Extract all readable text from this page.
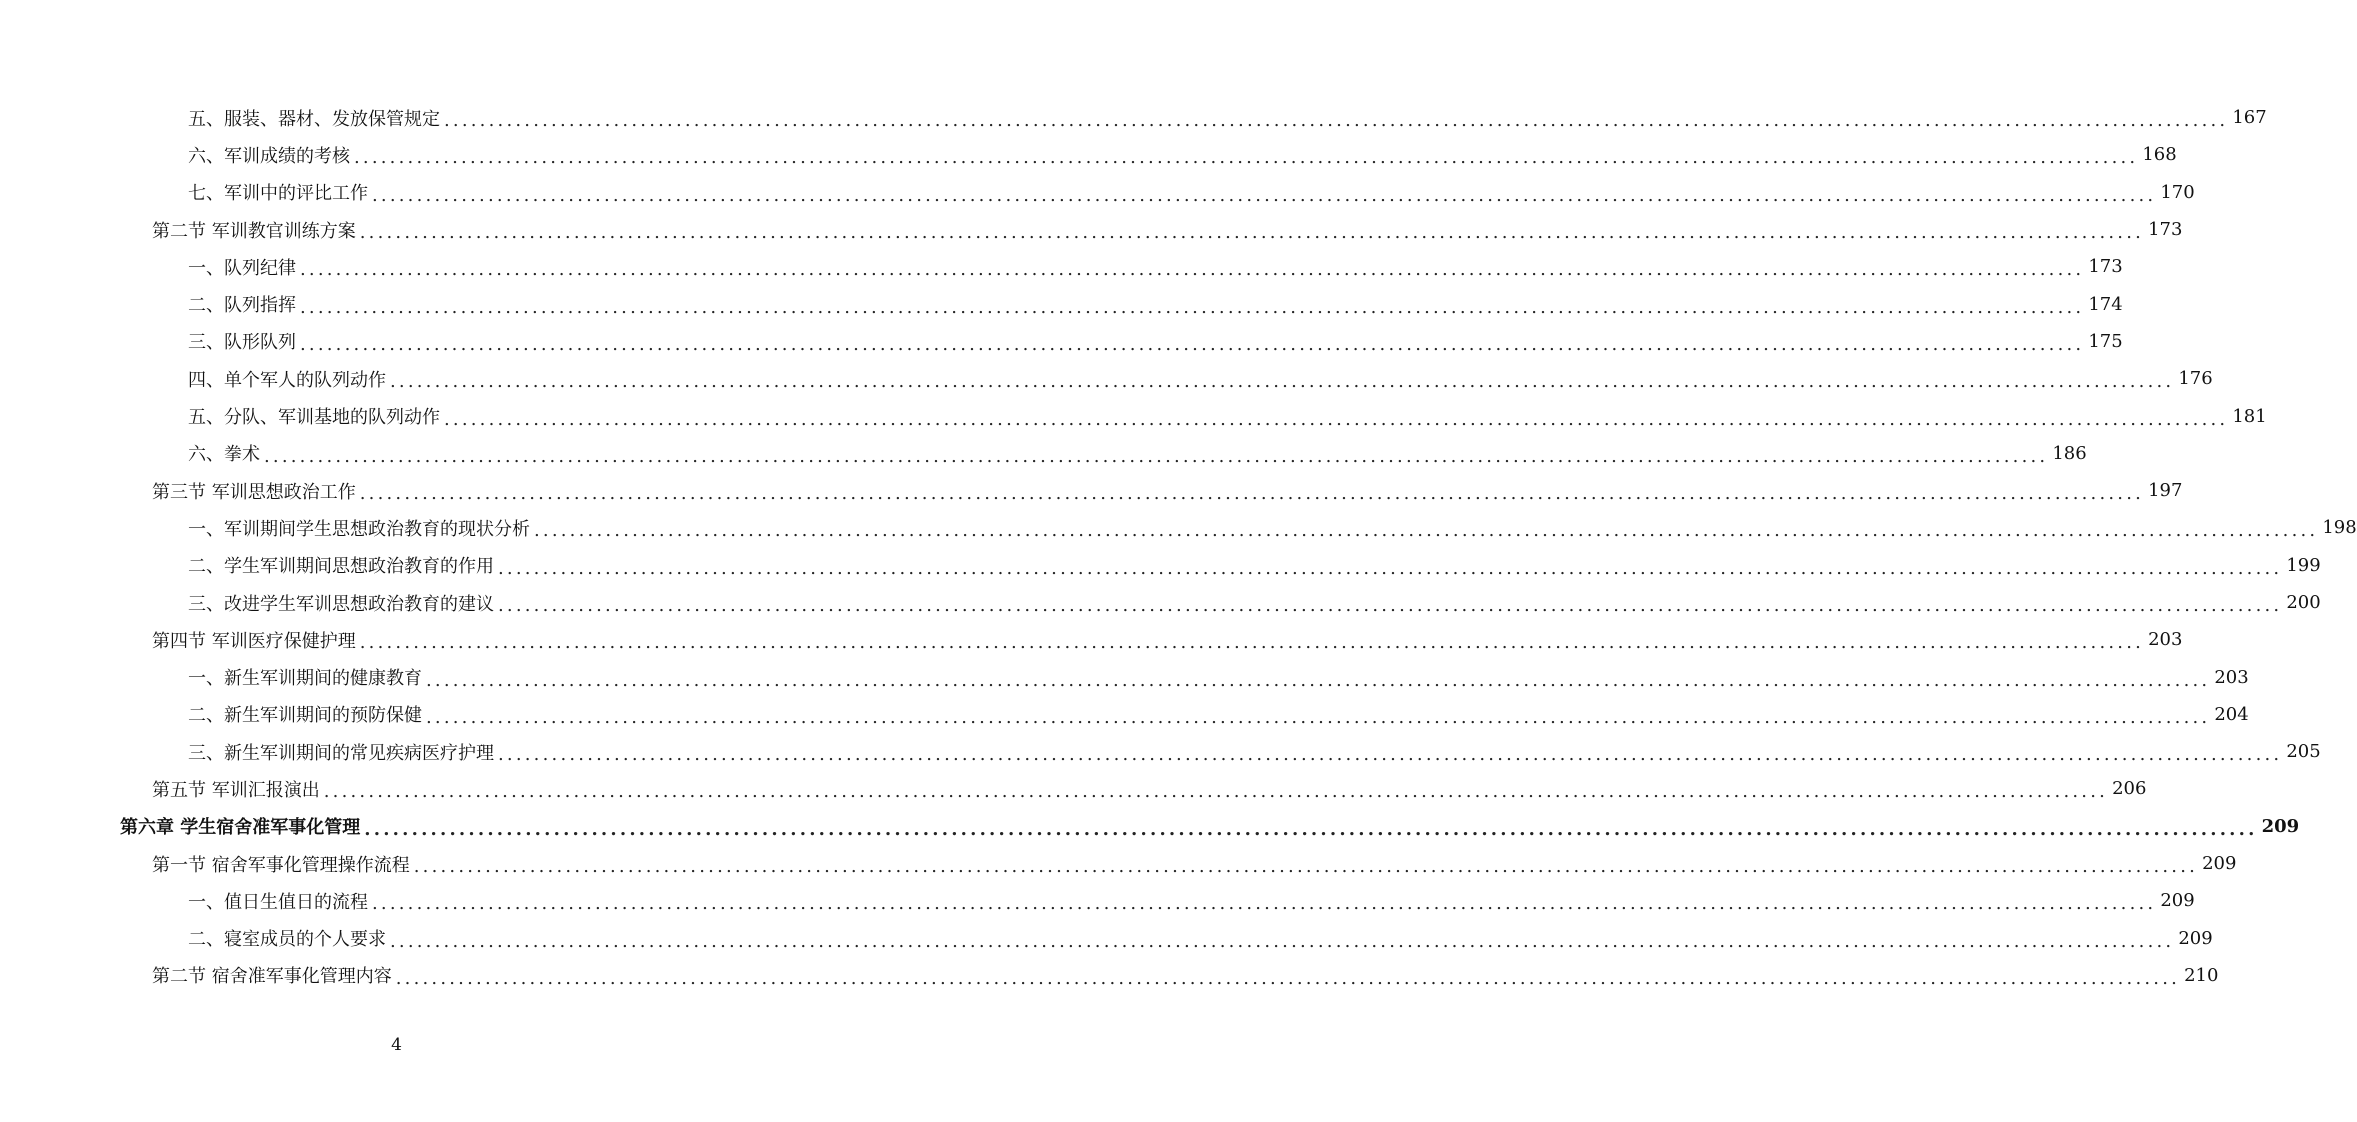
五、服装、器材、发放保管规定 ........................................................................................................................................................................................................ 167
六、军训成绩的考核 ........................................................................................................................................................................................................ 168
七、军训中的评比工作 ........................................................................................................................................................................................................ 170
第二节 军训教官训练方案 ........................................................................................................................................................................................................ 173
一、队列纪律 ........................................................................................................................................................................................................ 173
二、队列指挥 ........................................................................................................................................................................................................ 174
三、队形队列 ........................................................................................................................................................................................................ 175
四、单个军人的队列动作 ........................................................................................................................................................................................................ 176
五、分队、军训基地的队列动作 ........................................................................................................................................................................................................ 181
六、拳术 ........................................................................................................................................................................................................ 186
第三节 军训思想政治工作 ........................................................................................................................................................................................................ 197
一、军训期间学生思想政治教育的现状分析 ........................................................................................................................................................................................................ 198
二、学生军训期间思想政治教育的作用 ........................................................................................................................................................................................................ 199
三、改进学生军训思想政治教育的建议 ........................................................................................................................................................................................................ 200
第四节 军训医疗保健护理 ........................................................................................................................................................................................................ 203
一、新生军训期间的健康教育 ........................................................................................................................................................................................................ 203
二、新生军训期间的预防保健 ........................................................................................................................................................................................................ 204
三、新生军训期间的常见疾病医疗护理 ........................................................................................................................................................................................................ 205
第五节 军训汇报演出 ........................................................................................................................................................................................................ 206
第六章 学生宿舍准军事化管理 ........................................................................................................................................................................................................ 209
第一节 宿舍军事化管理操作流程 ........................................................................................................................................................................................................ 209
一、值日生值日的流程 ........................................................................................................................................................................................................ 209
二、寝室成员的个人要求 ........................................................................................................................................................................................................ 209
第二节 宿舍准军事化管理内容 ........................................................................................................................................................................................................ 210
4
